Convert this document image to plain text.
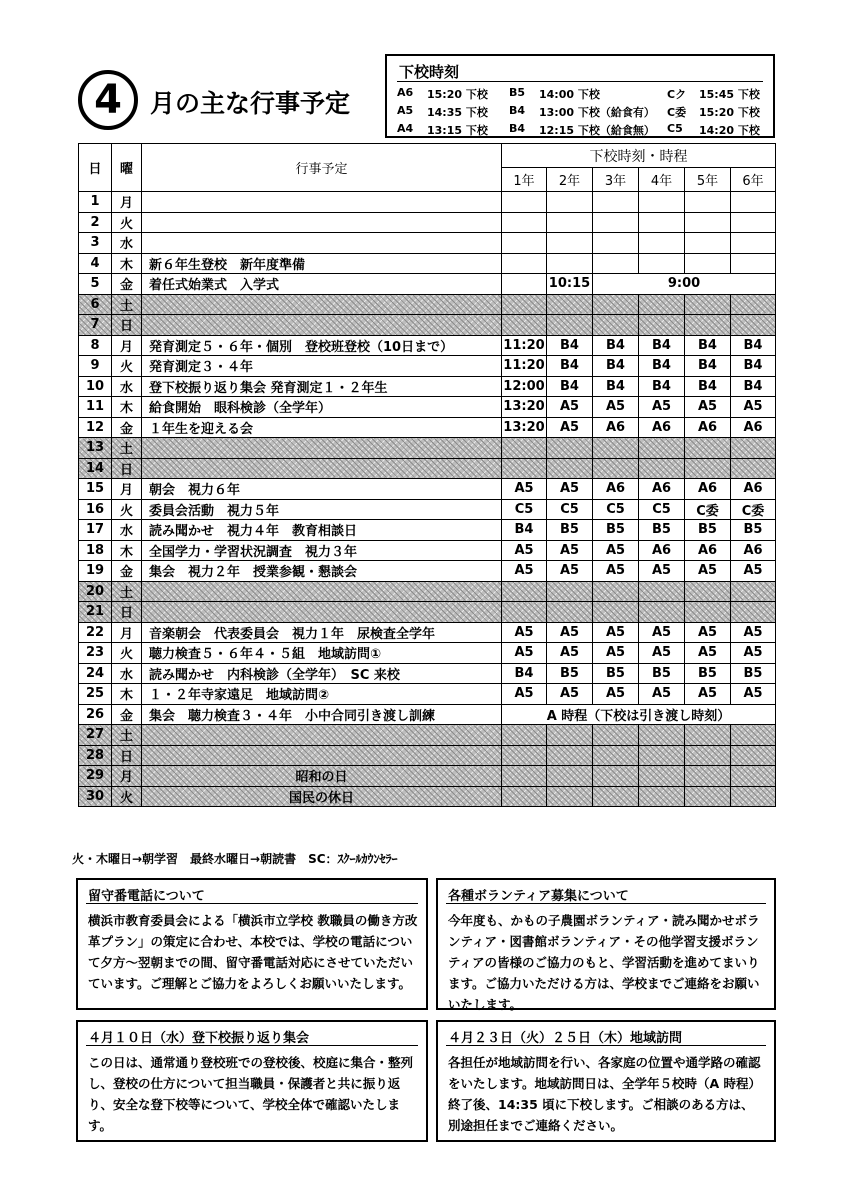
4	月の主な行事予定
下校時刻
A6 15:20 下校 B5 14:00 下校	Cク 15:45 下校
A5 14:35 下校 B4 13:00 下校（給食有） C委 15:20 下校
A4 13:15 下校 B4 12:15 下校（給食無） C5 14:20 下校
日	曜	行事予定	下校時刻・時程					
			1年	2年	3年	4年	5年	6年
1	月							
2	火							
3	水							
4	木	新６年生登校　新年度準備						
5	金	着任式始業式　入学式		10:15	9:00			
6	土							
7	日							
8	月	発育測定５・６年・個別　登校班登校（10日まで）	11:20	B4	B4	B4	B4	B4
9	火	発育測定３・４年	11:20	B4	B4	B4	B4	B4
10	水	登下校振り返り集会 発育測定１・２年生	12:00	B4	B4	B4	B4	B4
11	木	給食開始　眼科検診（全学年）	13:20	A5	A5	A5	A5	A5
12	金	１年生を迎える会	13:20	A5	A6	A6	A6	A6
13	土							
14	日							
15	月	朝会　視力６年	A5	A5	A6	A6	A6	A6
16	火	委員会活動　視力５年	C5	C5	C5	C5	C委	C委
17	水	読み聞かせ　視力４年　教育相談日	B4	B5	B5	B5	B5	B5
18	木	全国学力・学習状況調査　視力３年	A5	A5	A5	A6	A6	A6
19	金	集会　視力２年　授業参観・懇談会	A5	A5	A5	A5	A5	A5
20	土							
21	日							
22	月	音楽朝会　代表委員会　視力１年　尿検査全学年	A5	A5	A5	A5	A5	A5
23	火	聴力検査５・６年４・５組　地域訪問①	A5	A5	A5	A5	A5	A5
24	水	読み聞かせ　内科検診（全学年）　SC 来校	B4	B5	B5	B5	B5	B5
25	木	１・２年寺家遠足　地域訪問②	A5	A5	A5	A5	A5	A5
26	金	集会　聴力検査３・４年　小中合同引き渡し訓練	A 時程（下校は引き渡し時刻）					
27	土							
28	日							
29	月	昭和の日						
30	火	国民の休日						
火・木曜日→朝学習　最終水曜日→朝読書　SC：ｽｸｰﾙｶｳﾝｾﾗｰ
留守番電話について
横浜市教育委員会による「横浜市立学校 教職員の働き方改革プラン」の策定に合わせ、本校では、学校の電話について夕方～翌朝までの間、留守番電話対応にさせていただいています。ご理解とご協力をよろしくお願いいたします。
各種ボランティア募集について
今年度も、かもの子農園ボランティア・読み聞かせボランティア・図書館ボランティア・その他学習支援ボランティアの皆様のご協力のもと、学習活動を進めてまいります。ご協力いただける方は、学校までご連絡をお願いいたします。
４月１０日（水）登下校振り返り集会
この日は、通常通り登校班での登校後、校庭に集合・整列し、登校の仕方について担当職員・保護者と共に振り返り、安全な登下校等について、学校全体で確認いたします。
４月２３日（火）２５日（木）地域訪問
各担任が地域訪問を行い、各家庭の位置や通学路の確認をいたします。地域訪問日は、全学年５校時（A 時程）終了後、14:35 頃に下校します。ご相談のある方は、別途担任までご連絡ください。
